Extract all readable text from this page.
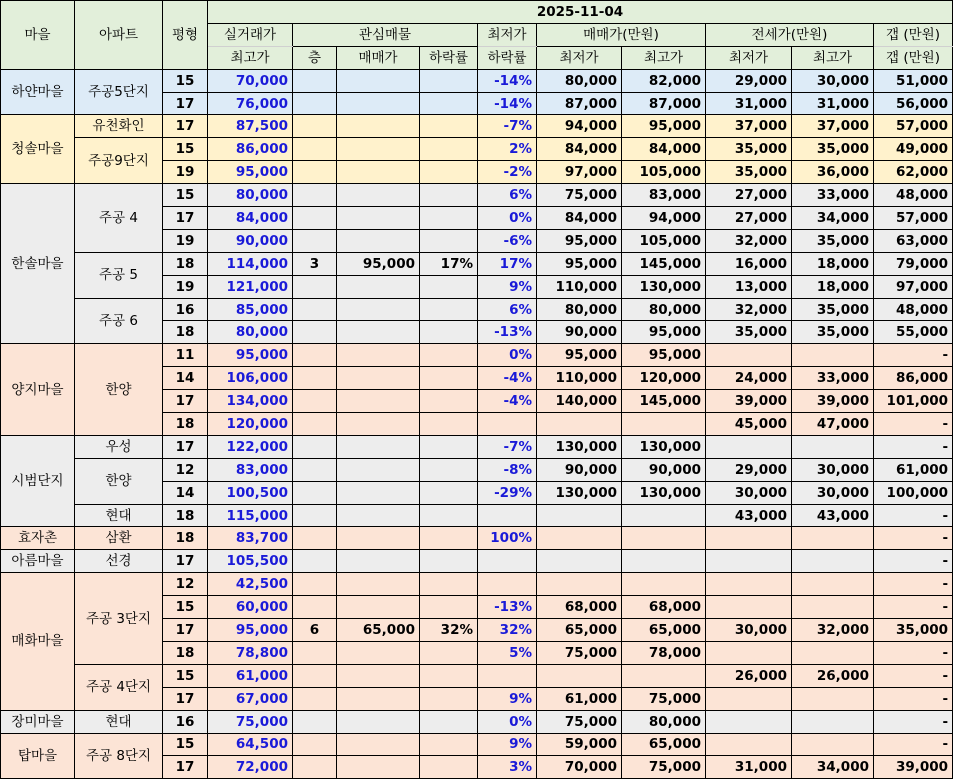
마을	아파트	평형	2025-11-04									
			실거래가	관심매물			최저가	매매가(만원)		전세가(만원)		갭 (만원)
			최고가	층	매매가	하락률	하락률	최저가	최고가	최저가	최고가	갭 (만원)
하얀마을	주공5단지	15	70,000				-14%	80,000	82,000	29,000	30,000	51,000
		17	76,000				-14%	87,000	87,000	31,000	31,000	56,000
청솔마을	유천화인	17	87,500				-7%	94,000	95,000	37,000	37,000	57,000
	주공9단지	15	86,000				2%	84,000	84,000	35,000	35,000	49,000
		19	95,000				-2%	97,000	105,000	35,000	36,000	62,000
한솔마을	주공 4	15	80,000				6%	75,000	83,000	27,000	33,000	48,000
		17	84,000				0%	84,000	94,000	27,000	34,000	57,000
		19	90,000				-6%	95,000	105,000	32,000	35,000	63,000
	주공 5	18	114,000	3	95,000	17%	17%	95,000	145,000	16,000	18,000	79,000
		19	121,000				9%	110,000	130,000	13,000	18,000	97,000
	주공 6	16	85,000				6%	80,000	80,000	32,000	35,000	48,000
		18	80,000				-13%	90,000	95,000	35,000	35,000	55,000
양지마을	한양	11	95,000				0%	95,000	95,000			-
		14	106,000				-4%	110,000	120,000	24,000	33,000	86,000
		17	134,000				-4%	140,000	145,000	39,000	39,000	101,000
		18	120,000							45,000	47,000	-
시범단지	우성	17	122,000				-7%	130,000	130,000			-
	한양	12	83,000				-8%	90,000	90,000	29,000	30,000	61,000
		14	100,500				-29%	130,000	130,000	30,000	30,000	100,000
	현대	18	115,000							43,000	43,000	-
효자촌	삼환	18	83,700				100%					-
아름마을	선경	17	105,500									-
매화마을	주공 3단지	12	42,500									-
		15	60,000				-13%	68,000	68,000			-
		17	95,000	6	65,000	32%	32%	65,000	65,000	30,000	32,000	35,000
		18	78,800				5%	75,000	78,000			-
	주공 4단지	15	61,000							26,000	26,000	-
		17	67,000				9%	61,000	75,000			-
장미마을	현대	16	75,000				0%	75,000	80,000			-
탑마을	주공 8단지	15	64,500				9%	59,000	65,000			-
		17	72,000				3%	70,000	75,000	31,000	34,000	39,000
